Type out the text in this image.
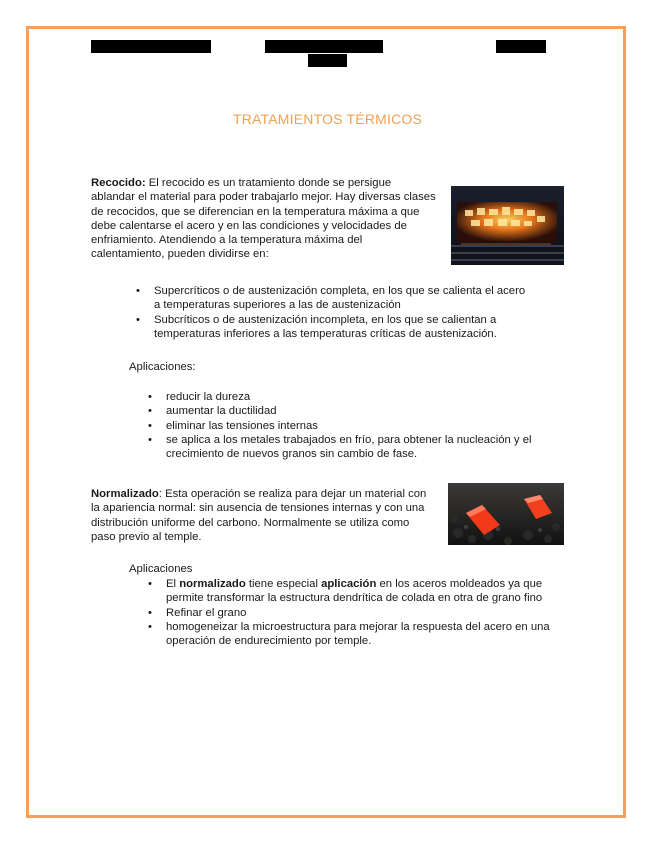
TRATAMIENTOS TÉRMICOS

Recocido: El recocido es un tratamiento donde se persigue ablandar el material para poder trabajarlo mejor. Hay diversas clases de recocidos, que se diferencian en la temperatura máxima a que debe calentarse el acero y en las condiciones y velocidades de enfriamiento. Atendiendo a la temperatura máxima del calentamiento, pueden dividirse en:

• Supercríticos o de austenización completa, en los que se calienta el acero a temperaturas superiores a las de austenización
• Subcríticos o de austenización incompleta, en los que se calientan a temperaturas inferiores a las temperaturas críticas de austenización.
Aplicaciones:
• reducir la dureza
• aumentar la ductilidad
• eliminar las tensiones internas
• se aplica a los metales trabajados en frío, para obtener la nucleación y el crecimiento de nuevos granos sin cambio de fase.

Normalizado: Esta operación se realiza para dejar un material con la apariencia normal: sin ausencia de tensiones internas y con una distribución uniforme del carbono. Normalmente se utiliza como paso previo al temple.

Aplicaciones
• El normalizado tiene especial aplicación en los aceros moldeados ya que permite transformar la estructura dendrítica de colada en otra de grano fino
• Refinar el grano
• homogeneizar la microestructura para mejorar la respuesta del acero en una operación de endurecimiento por temple.
